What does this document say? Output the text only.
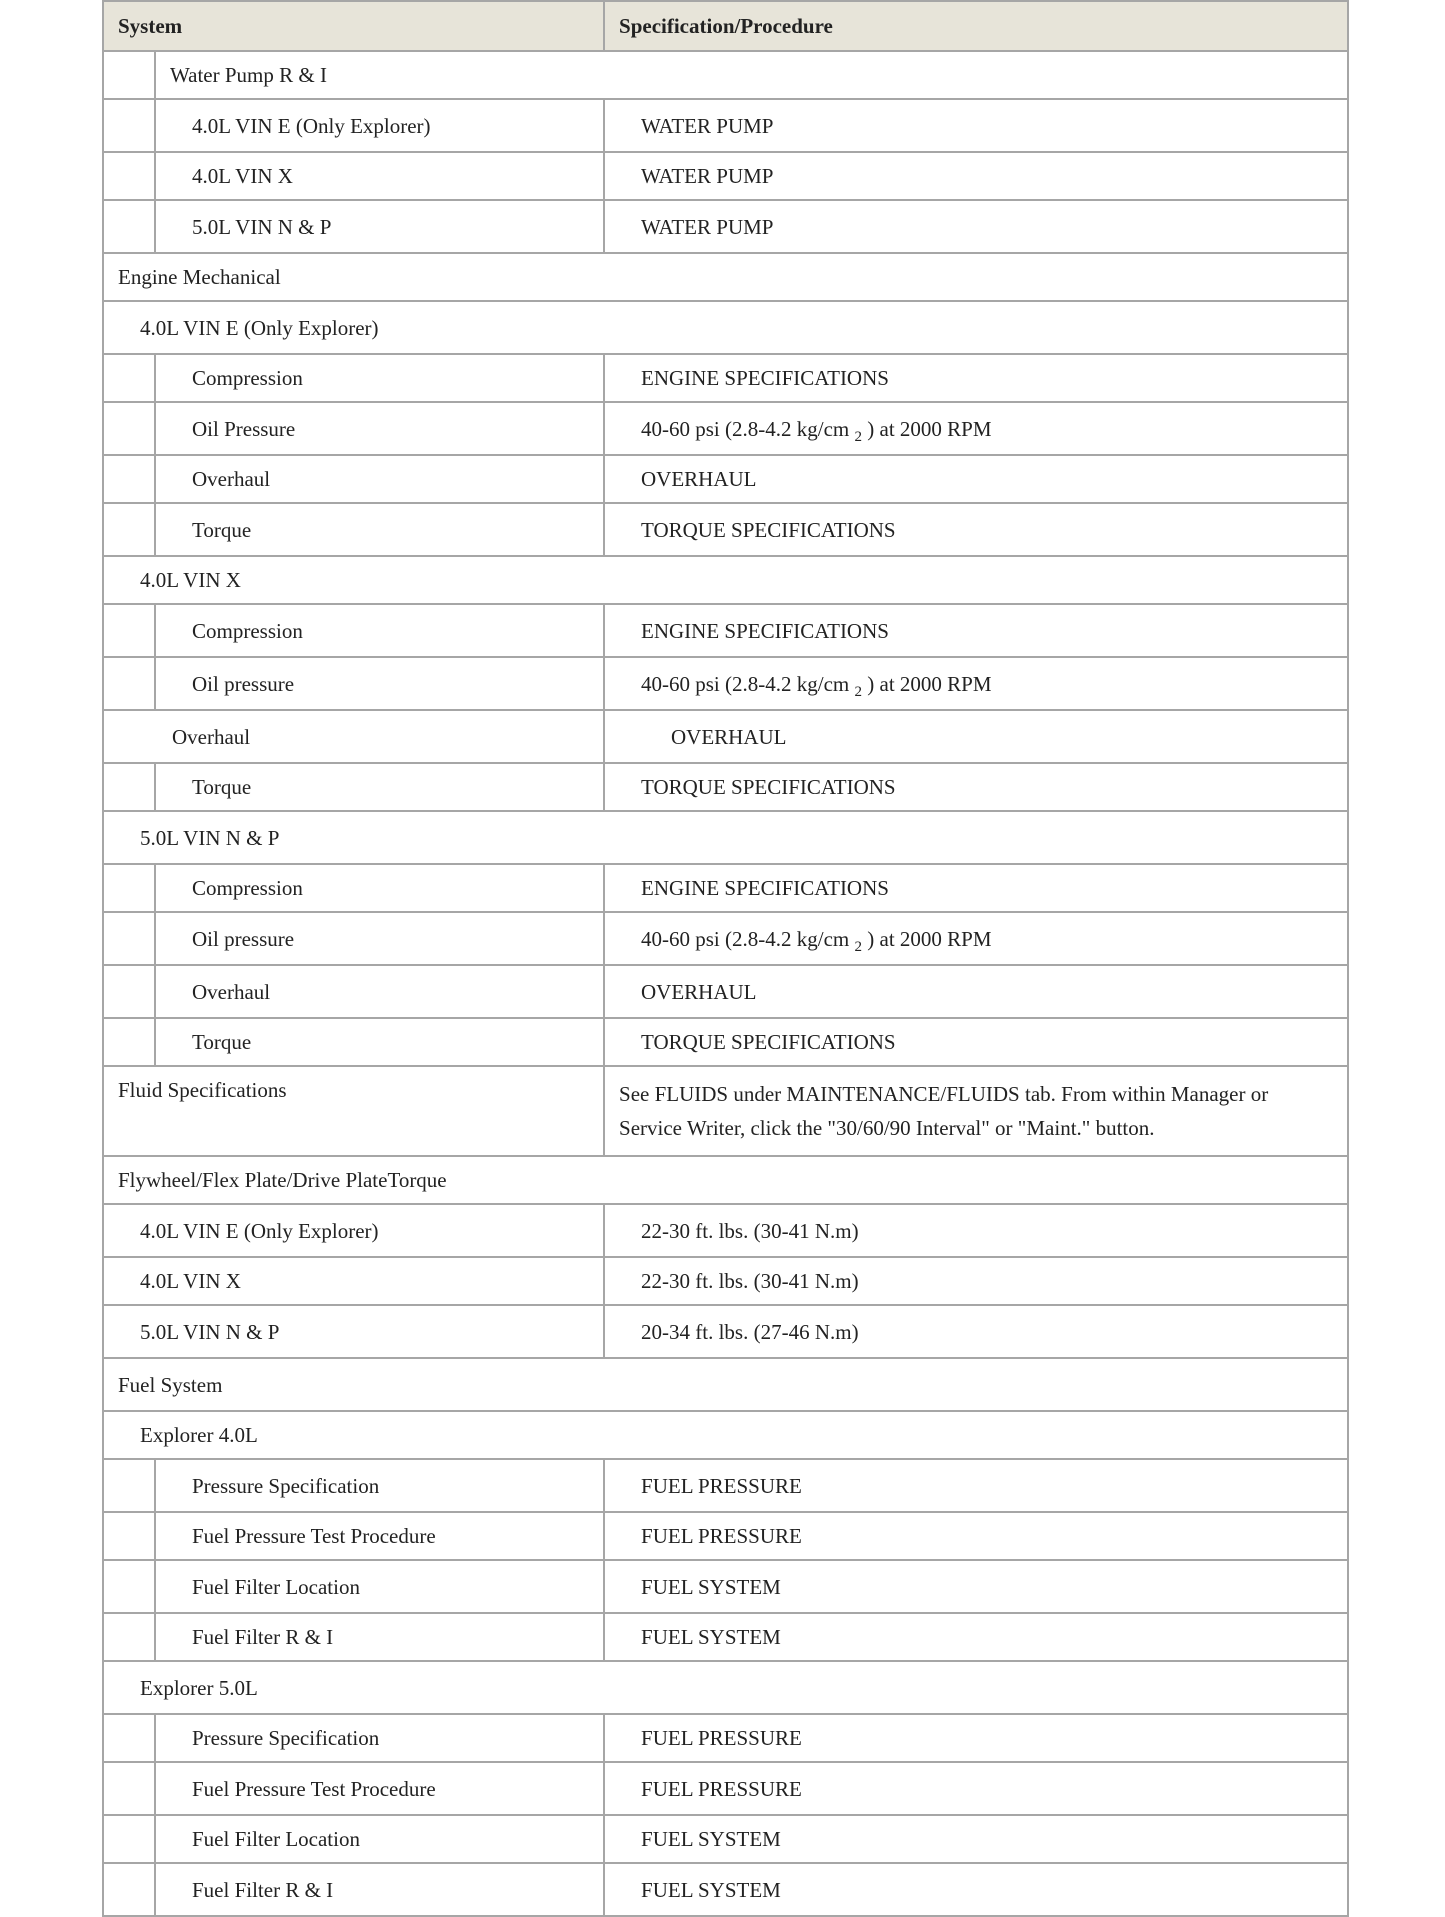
System		Specification/Procedure
	Water Pump R & I	
	4.0L VIN E (Only Explorer)	WATER PUMP
	4.0L VIN X	WATER PUMP
	5.0L VIN N & P	WATER PUMP
Engine Mechanical		
4.0L VIN E (Only Explorer)		
	Compression	ENGINE SPECIFICATIONS
	Oil Pressure	40-60 psi (2.8-4.2 kg/cm $_2$ ) at 2000 RPM
	Overhaul	OVERHAUL
	Torque	TORQUE SPECIFICATIONS
4.0L VIN X		
	Compression	ENGINE SPECIFICATIONS
	Oil pressure	40-60 psi (2.8-4.2 kg/cm $_2$ ) at 2000 RPM
Overhaul		OVERHAUL
	Torque	TORQUE SPECIFICATIONS
5.0L VIN N & P		
	Compression	ENGINE SPECIFICATIONS
	Oil pressure	40-60 psi (2.8-4.2 kg/cm $_2$ ) at 2000 RPM
	Overhaul	OVERHAUL
	Torque	TORQUE SPECIFICATIONS
Fluid Specifications		See FLUIDS under MAINTENANCE/FLUIDS tab. From within Manager or Service Writer, click the "30/60/90 Interval" or "Maint." button.
Flywheel/Flex Plate/Drive PlateTorque		
4.0L VIN E (Only Explorer)		22-30 ft. lbs. (30-41 N.m)
4.0L VIN X		22-30 ft. lbs. (30-41 N.m)
5.0L VIN N & P		20-34 ft. lbs. (27-46 N.m)
Fuel System		
Explorer 4.0L		
	Pressure Specification	FUEL PRESSURE
	Fuel Pressure Test Procedure	FUEL PRESSURE
	Fuel Filter Location	FUEL SYSTEM
	Fuel Filter R & I	FUEL SYSTEM
Explorer 5.0L		
	Pressure Specification	FUEL PRESSURE
	Fuel Pressure Test Procedure	FUEL PRESSURE
	Fuel Filter Location	FUEL SYSTEM
	Fuel Filter R & I	FUEL SYSTEM
